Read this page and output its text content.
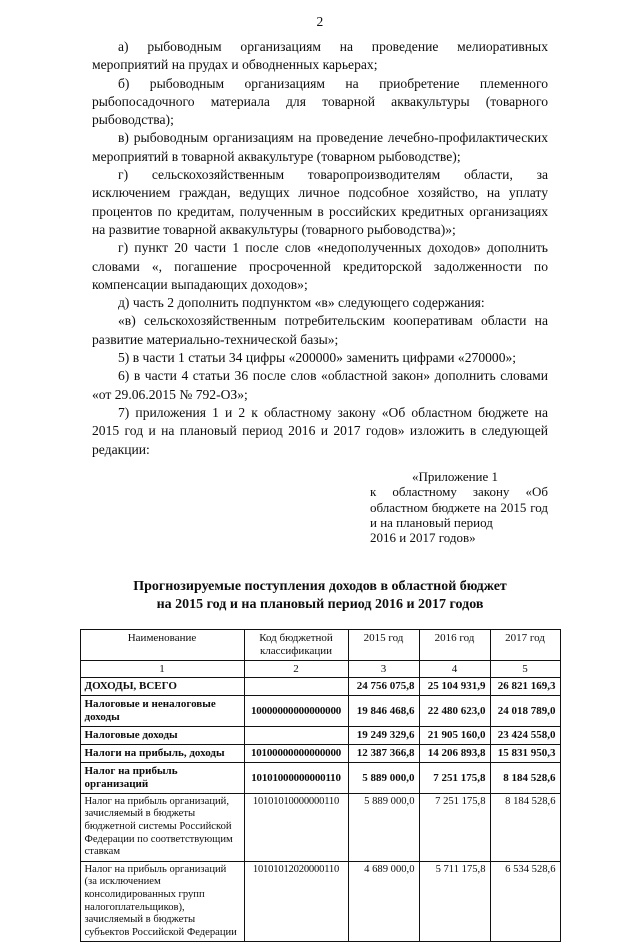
2

а) рыбоводным организациям на проведение мелиоративных мероприятий на прудах и обводненных карьерах;

б) рыбоводным организациям на приобретение племенного рыбопосадочного материала для товарной аквакультуры (товарного рыбоводства);

в) рыбоводным организациям на проведение лечебно-профилактических мероприятий в товарной аквакультуре (товарном рыбоводстве);

г) сельскохозяйственным товаропроизводителям области, за исключением граждан, ведущих личное подсобное хозяйство, на уплату процентов по кредитам, полученным в российских кредитных организациях на развитие товарной аквакультуры (товарного рыбоводства)»;

г) пункт 20 части 1 после слов «недополученных доходов» дополнить словами «, погашение просроченной кредиторской задолженности по компенсации выпадающих доходов»;

д) часть 2 дополнить подпунктом «в» следующего содержания:

«в) сельскохозяйственным потребительским кооперативам области на развитие материально-технической базы»;

5) в части 1 статьи 34 цифры «200000» заменить цифрами «270000»;

6) в части 4 статьи 36 после слов «областной закон» дополнить словами «от 29.06.2015 № 792-ОЗ»;

7) приложения 1 и 2 к областному закону «Об областном бюджете на 2015 год и на плановый период 2016 и 2017 годов» изложить в следующей редакции:

«Приложение 1
к областному закону «Об областном бюджете на 2015 год и на плановый период
2016 и 2017 годов»
Прогнозируемые поступления доходов в областной бюджет
на 2015 год и на плановый период 2016 и 2017 годов
Наименование	Код бюджетной классификации	2015 год	2016 год	2017 год
1	2	3	4	5
ДОХОДЫ, ВСЕГО		24 756 075,8	25 104 931,9	26 821 169,3
Налоговые и неналоговые доходы	10000000000000000	19 846 468,6	22 480 623,0	24 018 789,0
Налоговые доходы		19 249 329,6	21 905 160,0	23 424 558,0
Налоги на прибыль, доходы	10100000000000000	12 387 366,8	14 206 893,8	15 831 950,3
Налог на прибыль организаций	10101000000000110	5 889 000,0	7 251 175,8	8 184 528,6
Налог на прибыль организаций, зачисляемый в бюджеты бюджетной системы Российской Федерации по соответствующим ставкам	10101010000000110	5 889 000,0	7 251 175,8	8 184 528,6
Налог на прибыль организаций (за исключением консолидированных групп налогоплательщиков), зачисляемый в бюджеты субъектов Российской Федерации	10101012020000110	4 689 000,0	5 711 175,8	6 534 528,6
